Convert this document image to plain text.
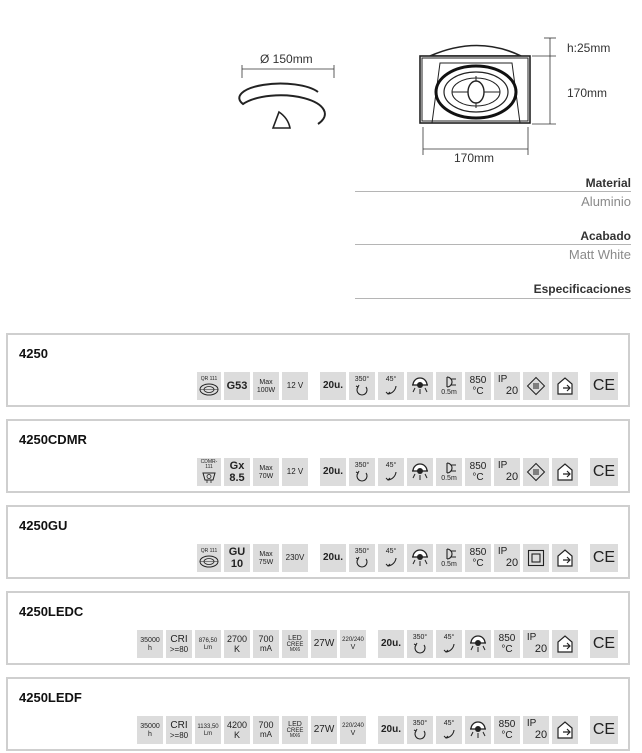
Ø 150mm
h:25mm
170mm
170mm
Material
Aluminio
Acabado
Matt White
Especificaciones
4250
QR 111
G53 Max
100W 12 V 20u.
350° 45°
0.5m
850
°C
IP
20	CE
4250CDMR
CDMR-111	Gx
8.5
Max
70W 12 V 20u.
350° 45°
0.5m
850
°C
IP
20	CE
4250GU
QR 111 GU
10
Max
75W 230V 20u.
350° 45°
0.5m
850
°C
IP
20	CE
4250LEDC
35000
h
CRI
>=80
876,50
Lm
2700
K
700
mA
LED
CREE
MX6
27W 220/240
V	20u.
350° 45°	850
°C
IP
20	CE
4250LEDF
35000
h
CRI
>=80
1133,50
Lm
4200
K
700
mA
LED
CREE
MX6
27W 220/240
V	20u.
350° 45°	850
°C
IP
20	CE
